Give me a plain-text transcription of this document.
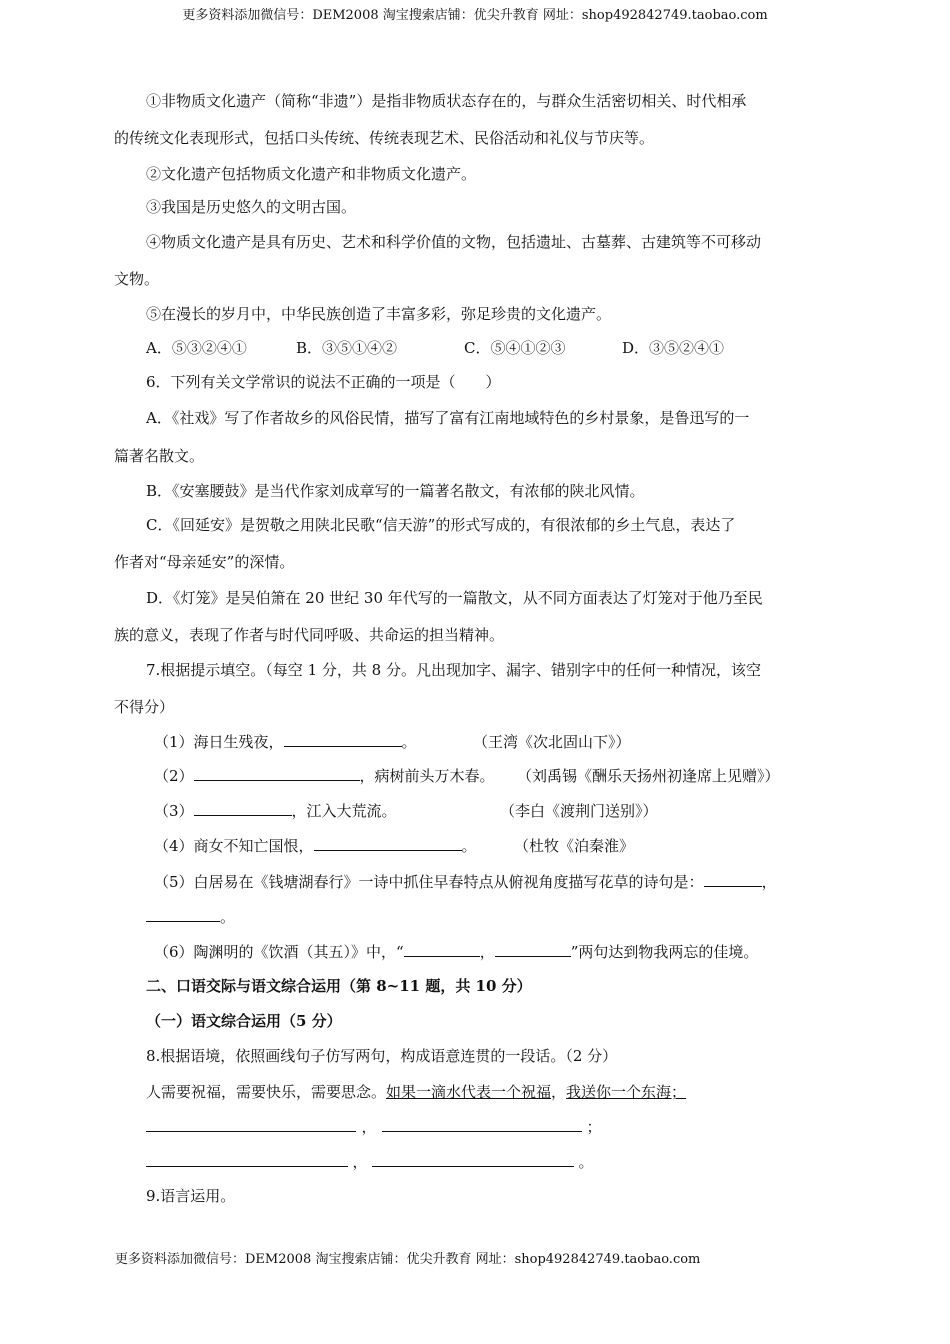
更多资料添加微信号：DEM2008 淘宝搜索店铺：优尖升教育 网址：shop492842749.taobao.com
①非物质文化遗产（简称“非遗”）是指非物质状态存在的，与群众生活密切相关、时代相承
的传统文化表现形式，包括口头传统、传统表现艺术、民俗活动和礼仪与节庆等。
②文化遗产包括物质文化遗产和非物质文化遗产。
③我国是历史悠久的文明古国。
④物质文化遗产是具有历史、艺术和科学价值的文物，包括遗址、古墓葬、古建筑等不可移动
文物。
⑤在漫长的岁月中，中华民族创造了丰富多彩，弥足珍贵的文化遗产。
A．⑤③②④①	B．③⑤①④②	C．⑤④①②③	D．③⑤②④①
6．下列有关文学常识的说法不正确的一项是（　　）
A．《社戏》写了作者故乡的风俗民情，描写了富有江南地域特色的乡村景象，是鲁迅写的一
篇著名散文。
B．《安塞腰鼓》是当代作家刘成章写的一篇著名散文，有浓郁的陕北风情。
C．《回延安》是贺敬之用陕北民歌“信天游”的形式写成的，有很浓郁的乡土气息，表达了
作者对“母亲延安”的深情。
D．《灯笼》是吴伯箫在 20 世纪 30 年代写的一篇散文，从不同方面表达了灯笼对于他乃至民
族的意义，表现了作者与时代同呼吸、共命运的担当精神。
7.根据提示填空。（每空 1 分，共 8 分。凡出现加字、漏字、错别字中的任何一种情况，该空
不得分）
（1）海日生残夜，	。	（王湾《次北固山下》）
（2）	，病树前头万木春。 （刘禹锡《酬乐天扬州初逢席上见赠》）
（3）	，江入大荒流。	（李白《渡荆门送别》）
（4）商女不知亡国恨，	。 （杜牧《泊秦淮》
（5）白居易在《钱塘湖春行》一诗中抓住早春特点从俯视角度描写花草的诗句是：	，
。
（6）陶渊明的《饮酒（其五）》中，“	，	”两句达到物我两忘的佳境。
二、口语交际与语文综合运用（第 8~11 题，共 10 分）
（一）语文综合运用（5 分）
8.根据语境，依照画线句子仿写两句，构成语意连贯的一段话。（2 分）
人需要祝福，需要快乐，需要思念。如果一滴水代表一个祝福，我送你一个东海；
，	；
，	。
9.语言运用。
更多资料添加微信号：DEM2008 淘宝搜索店铺：优尖升教育 网址：shop492842749.taobao.com
